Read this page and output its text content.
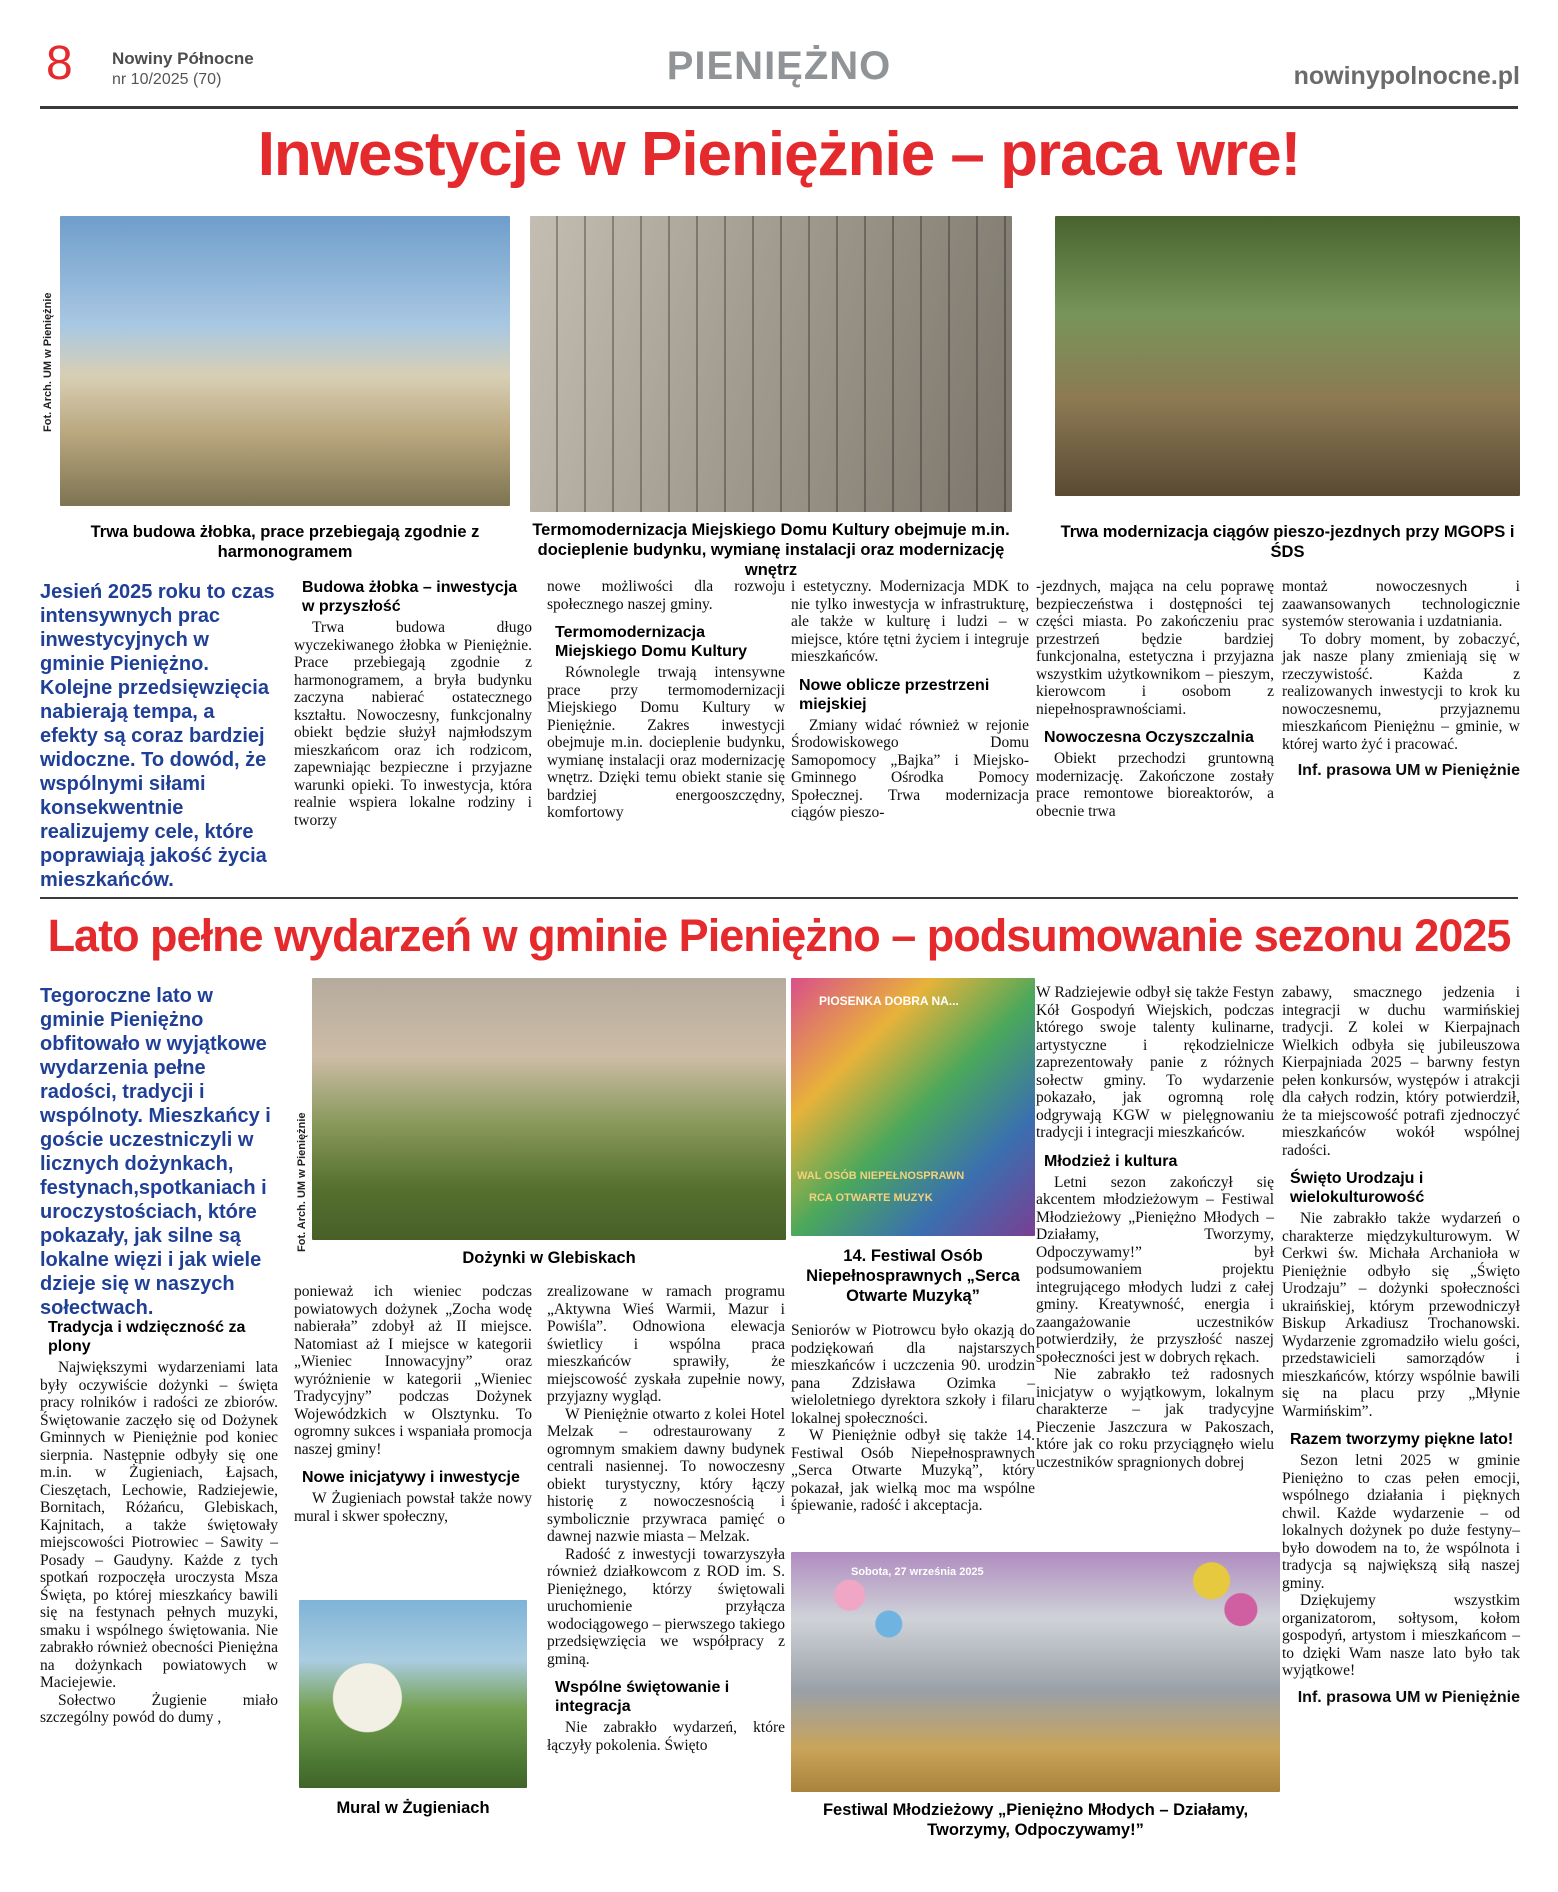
8 Nowiny Północne
nr 10/2025 (70)	PIENIĘŻNO	nowinypolnocne.pl
Inwestycje w Pieniężnie – praca wre!
Fot. Arch. UM w Pieniężnie
Trwa budowa żłobka, prace przebiegają zgodnie z harmonogramem
Termomodernizacja Miejskiego Domu Kultury obejmuje m.in. docieplenie budynku, wymianę instalacji oraz modernizację wnętrz
Trwa modernizacja ciągów pieszo-jezdnych przy MGOPS i ŚDS
Jesień 2025 roku to czas intensywnych prac inwestycyjnych w gminie Pieniężno. Kolejne przedsięwzięcia nabierają tempa, a efekty są coraz bardziej widoczne. To dowód, że wspólnymi siłami konsekwentnie realizujemy cele, które poprawiają jakość życia mieszkańców.
Budowa żłobka – inwestycja w przyszłość

Trwa budowa długo wyczekiwanego żłobka w Pieniężnie. Prace przebiegają zgodnie z harmonogramem, a bryła budynku zaczyna nabierać ostatecznego kształtu. Nowoczesny, funkcjonalny obiekt będzie służył najmłodszym mieszkańcom oraz ich rodzicom, zapewniając bezpieczne i przyjazne warunki opieki. To inwestycja, która realnie wspiera lokalne rodziny i tworzy

nowe możliwości dla rozwoju społecznego naszej gminy.

Termomodernizacja Miejskiego Domu Kultury

Równolegle trwają intensywne prace przy termomodernizacji Miejskiego Domu Kultury w Pieniężnie. Zakres inwestycji obejmuje m.in. docieplenie budynku, wymianę instalacji oraz modernizację wnętrz. Dzięki temu obiekt stanie się bardziej energooszczędny, komfortowy

i estetyczny. Modernizacja MDK to nie tylko inwestycja w infrastrukturę, ale także w kulturę i ludzi – w miejsce, które tętni życiem i integruje mieszkańców.

Nowe oblicze przestrzeni miejskiej

Zmiany widać również w rejonie Środowiskowego Domu Samopomocy „Bajka” i Miejsko-Gminnego Ośrodka Pomocy Społecznej. Trwa modernizacja ciągów pieszo-

-jezdnych, mająca na celu poprawę bezpieczeństwa i dostępności tej części miasta. Po zakończeniu prac przestrzeń będzie bardziej funkcjonalna, estetyczna i przyjazna wszystkim użytkownikom – pieszym, kierowcom i osobom z niepełnosprawnościami.

Nowoczesna Oczyszczalnia

Obiekt przechodzi gruntowną modernizację. Zakończone zostały prace remontowe bioreaktorów, a obecnie trwa

montaż nowoczesnych i zaawansowanych technologicznie systemów sterowania i uzdatniania.

To dobry moment, by zobaczyć, jak nasze plany zmieniają się w rzeczywistość. Każda z realizowanych inwestycji to krok ku nowoczesnemu, przyjaznemu mieszkańcom Pieniężnu – gminie, w której warto żyć i pracować.

Inf. prasowa UM w Pieniężnie
Lato pełne wydarzeń w gminie Pieniężno – podsumowanie sezonu 2025
Tegoroczne lato w gminie Pieniężno obfitowało w wyjątkowe wydarzenia pełne radości, tradycji i wspólnoty. Mieszkańcy i goście uczestniczyli w licznych dożynkach, festynach,spotkaniach i uroczystościach, które pokazały, jak silne są lokalne więzi i jak wiele dzieje się w naszych sołectwach.
Fot. Arch. UM w Pieniężnie
Dożynki w Glebiskach
PIOSENKA DOBRA NA...
WAL OSÓB NIEPEŁNOSPRAWN
RCA OTWARTE MUZYK
14. Festiwal Osób Niepełnosprawnych „Serca Otwarte Muzyką”
Tradycja i wdzięczność za plony

Największymi wydarzeniami lata były oczywiście dożynki – święta pracy rolników i radości ze zbiorów. Świętowanie zaczęło się od Dożynek Gminnych w Pieniężnie pod koniec sierpnia. Następnie odbyły się one m.in. w Żugieniach, Łajsach, Cieszętach, Lechowie, Radziejewie, Bornitach, Różańcu, Glebiskach, Kajnitach, a także świętowały miejscowości Piotrowiec – Sawity – Posady – Gaudyny. Każde z tych spotkań rozpoczęła uroczysta Msza Święta, po której mieszkańcy bawili się na festynach pełnych muzyki, smaku i wspólnego świętowania. Nie zabrakło również obecności Pieniężna na dożynkach powiatowych w Maciejewie.

Sołectwo Żugienie miało szczególny powód do dumy ,

ponieważ ich wieniec podczas powiatowych dożynek „Zocha wodę nabierała” zdobył aż II miejsce. Natomiast aż I miejsce w kategorii „Wieniec Innowacyjny” oraz wyróżnienie w kategorii „Wieniec Tradycyjny” podczas Dożynek Wojewódzkich w Olsztynku. To ogromny sukces i wspaniała promocja naszej gminy!

Nowe inicjatywy i inwestycje

W Żugieniach powstał także nowy mural i skwer społeczny,

Mural w Żugieniach

zrealizowane w ramach programu „Aktywna Wieś Warmii, Mazur i Powiśla”. Odnowiona elewacja świetlicy i wspólna praca mieszkańców sprawiły, że miejscowość zyskała zupełnie nowy, przyjazny wygląd.

W Pieniężnie otwarto z kolei Hotel Melzak – odrestaurowany z ogromnym smakiem dawny budynek centrali nasiennej. To nowoczesny obiekt turystyczny, który łączy historię z nowoczesnością i symbolicznie przywraca pamięć o dawnej nazwie miasta – Melzak.

Radość z inwestycji towarzyszyła również działkowcom z ROD im. S. Pieniężnego, którzy świętowali uruchomienie przyłącza wodociągowego – pierwszego takiego przedsięwzięcia we współpracy z gminą.

Wspólne świętowanie i integracja

Nie zabrakło wydarzeń, które łączyły pokolenia. Święto

Seniorów w Piotrowcu było okazją do podziękowań dla najstarszych mieszkańców i uczczenia 90. urodzin pana Zdzisława Ozimka – wieloletniego dyrektora szkoły i filaru lokalnej społeczności.

W Pieniężnie odbył się także 14. Festiwal Osób Niepełnosprawnych „Serca Otwarte Muzyką”, który pokazał, jak wielką moc ma wspólne śpiewanie, radość i akceptacja.

Sobota, 27 września 2025
Festiwal Młodzieżowy „Pieniężno Młodych – Działamy, Tworzymy, Odpoczywamy!”

W Radziejewie odbył się także Festyn Kół Gospodyń Wiejskich, podczas którego swoje talenty kulinarne, artystyczne i rękodzielnicze zaprezentowały panie z różnych sołectw gminy. To wydarzenie pokazało, jak ogromną rolę odgrywają KGW w pielęgnowaniu tradycji i integracji mieszkańców.

Młodzież i kultura

Letni sezon zakończył się akcentem młodzieżowym – Festiwal Młodzieżowy „Pieniężno Młodych – Działamy, Tworzymy, Odpoczywamy!” był podsumowaniem projektu integrującego młodych ludzi z całej gminy. Kreatywność, energia i zaangażowanie uczestników potwierdziły, że przyszłość naszej społeczności jest w dobrych rękach.

Nie zabrakło też radosnych inicjatyw o wyjątkowym, lokalnym charakterze – jak tradycyjne Pieczenie Jaszczura w Pakoszach, które jak co roku przyciągnęło wielu uczestników spragnionych dobrej

zabawy, smacznego jedzenia i integracji w duchu warmińskiej tradycji. Z kolei w Kierpajnach Wielkich odbyła się jubileuszowa Kierpajniada 2025 – barwny festyn pełen konkursów, występów i atrakcji dla całych rodzin, który potwierdził, że ta miejscowość potrafi zjednoczyć mieszkańców wokół wspólnej radości.

Święto Urodzaju i wielokulturowość

Nie zabrakło także wydarzeń o charakterze międzykulturowym. W Cerkwi św. Michała Archanioła w Pieniężnie odbyło się „Święto Urodzaju” – dożynki społeczności ukraińskiej, którym przewodniczył Biskup Arkadiusz Trochanowski. Wydarzenie zgromadziło wielu gości, przedstawicieli samorządów i mieszkańców, którzy wspólnie bawili się na placu przy „Młynie Warmińskim”.

Razem tworzymy piękne lato!

Sezon letni 2025 w gminie Pieniężno to czas pełen emocji, wspólnego działania i pięknych chwil. Każde wydarzenie – od lokalnych dożynek po duże festyny– było dowodem na to, że wspólnota i tradycja są największą siłą naszej gminy.

Dziękujemy wszystkim organizatorom, sołtysom, kołom gospodyń, artystom i mieszkańcom – to dzięki Wam nasze lato było tak wyjątkowe!

Inf. prasowa UM w Pieniężnie
